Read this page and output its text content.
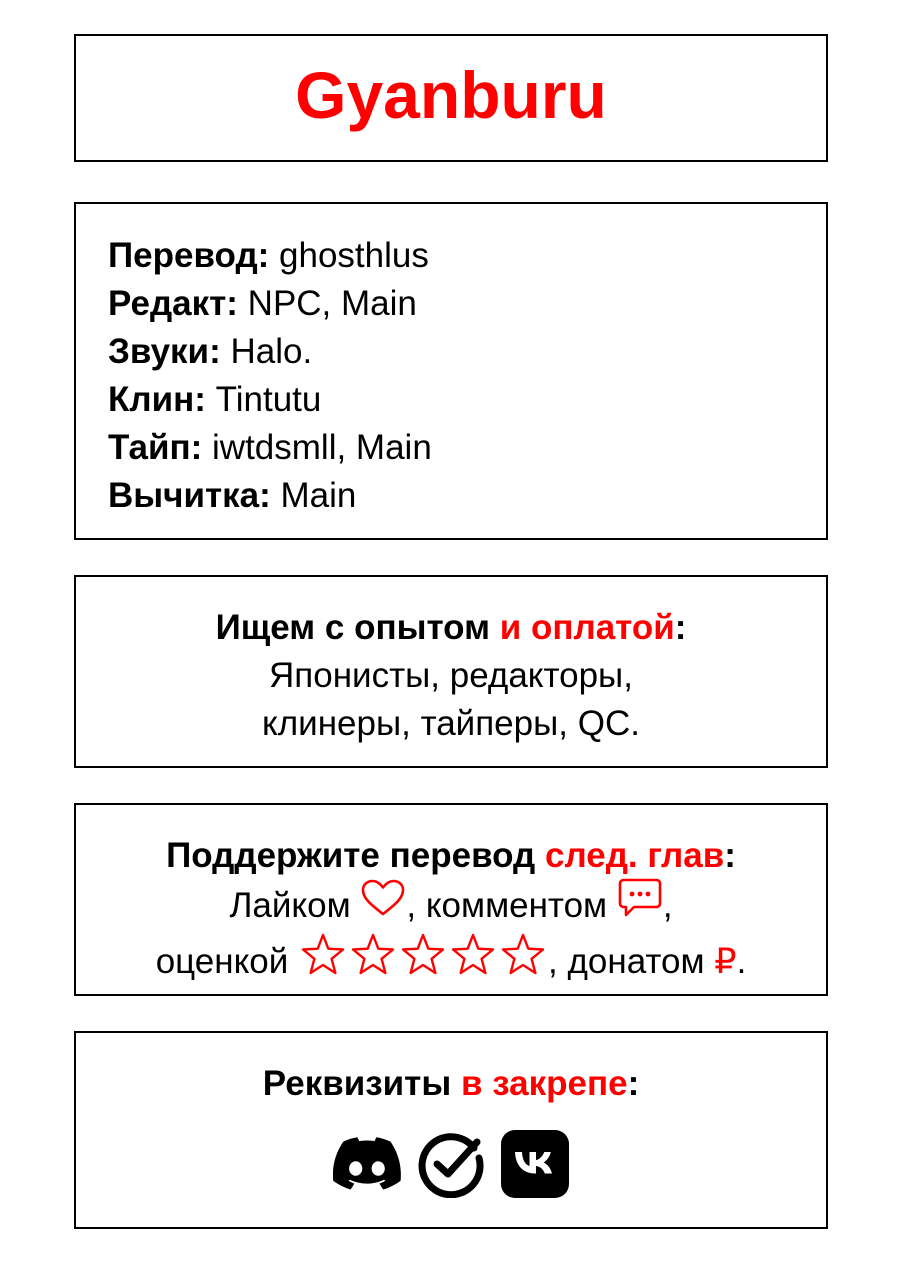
Gyanburu
Перевод: ghosthlus
Редакт: NPC, Main
Звуки: Halo.
Клин: Tintutu
Тайп: iwtdsmll, Main
Вычитка: Main
Ищем с опытом и оплатой:
Японисты, редакторы,
клинеры, тайперы, QC.
Поддержите перевод след. глав:
Лайком , комментом ,
оценкой	, донатом ₽.
Реквизиты в закрепе:
